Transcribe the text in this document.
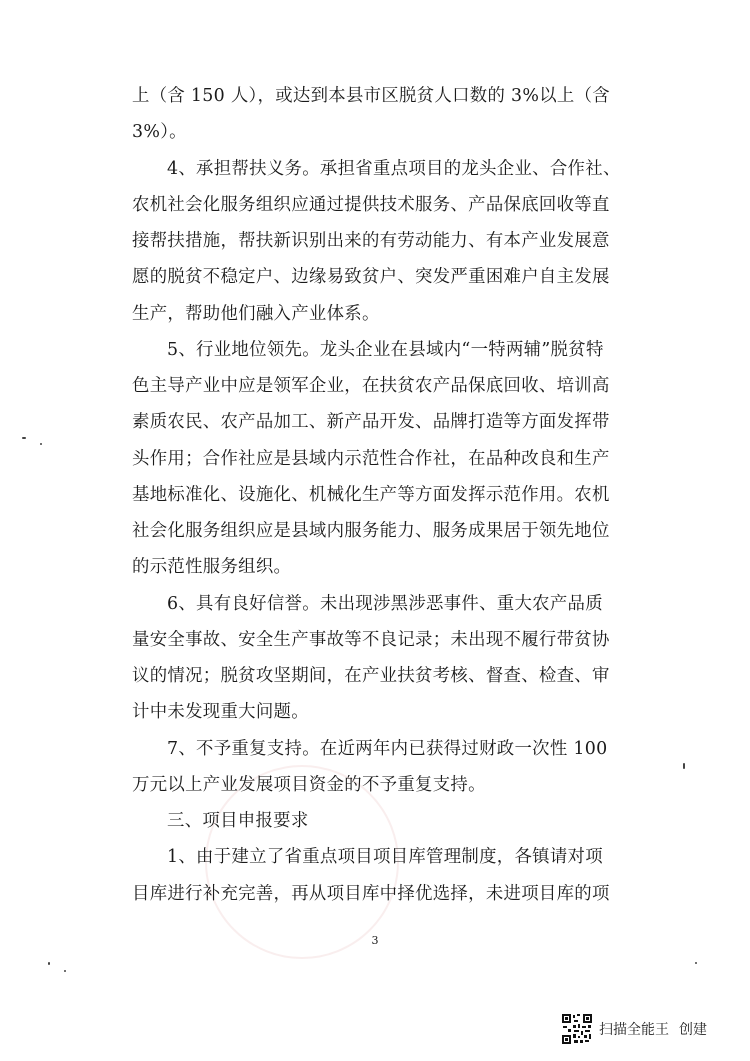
上（含 150 人），或达到本县市区脱贫人口数的 3%以上（含
3%）。
4、承担帮扶义务。承担省重点项目的龙头企业、合作社、
农机社会化服务组织应通过提供技术服务、产品保底回收等直
接帮扶措施，帮扶新识别出来的有劳动能力、有本产业发展意
愿的脱贫不稳定户、边缘易致贫户、突发严重困难户自主发展
生产，帮助他们融入产业体系。
5、行业地位领先。龙头企业在县域内“一特两辅”脱贫特
色主导产业中应是领军企业，在扶贫农产品保底回收、培训高
素质农民、农产品加工、新产品开发、品牌打造等方面发挥带
头作用；合作社应是县域内示范性合作社，在品种改良和生产
基地标准化、设施化、机械化生产等方面发挥示范作用。农机
社会化服务组织应是县域内服务能力、服务成果居于领先地位
的示范性服务组织。
6、具有良好信誉。未出现涉黑涉恶事件、重大农产品质
量安全事故、安全生产事故等不良记录；未出现不履行带贫协
议的情况；脱贫攻坚期间，在产业扶贫考核、督查、检查、审
计中未发现重大问题。
7、不予重复支持。在近两年内已获得过财政一次性 100
万元以上产业发展项目资金的不予重复支持。
三、项目申报要求
1、由于建立了省重点项目项目库管理制度，各镇请对项
目库进行补充完善，再从项目库中择优选择，未进项目库的项
3
扫描全能王 创建
